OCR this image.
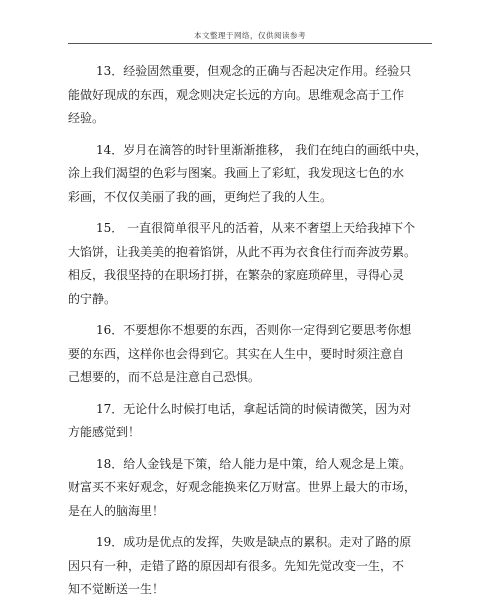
本文整理于网络，仅供阅读参考
13．经验固然重要，但观念的正确与否起决定作用。经验只
能做好现成的东西，观念则决定长远的方向。思维观念高于工作
经验。
14．岁月在滴答的时针里渐渐推移， 我们在纯白的画纸中央，
涂上我们渴望的色彩与图案。我画上了彩虹，我发现这七色的水
彩画，不仅仅美丽了我的画，更绚烂了我的人生。
15． 一直很简单很平凡的活着，从来不奢望上天给我掉下个
大馅饼，让我美美的抱着馅饼，从此不再为衣食住行而奔波劳累。
相反，我很坚持的在职场打拼，在繁杂的家庭琐碎里，寻得心灵
的宁静。
16．不要想你不想要的东西，否则你一定得到它要思考你想
要的东西，这样你也会得到它。其实在人生中，要时时须注意自
己想要的，而不总是注意自己恐惧。
17．无论什么时候打电话，拿起话筒的时候请微笑，因为对
方能感觉到！
18．给人金钱是下策，给人能力是中策，给人观念是上策。
财富买不来好观念，好观念能换来亿万财富。世界上最大的市场，
是在人的脑海里！
19．成功是优点的发挥，失败是缺点的累积。走对了路的原
因只有一种，走错了路的原因却有很多。先知先觉改变一生，不
知不觉断送一生！
